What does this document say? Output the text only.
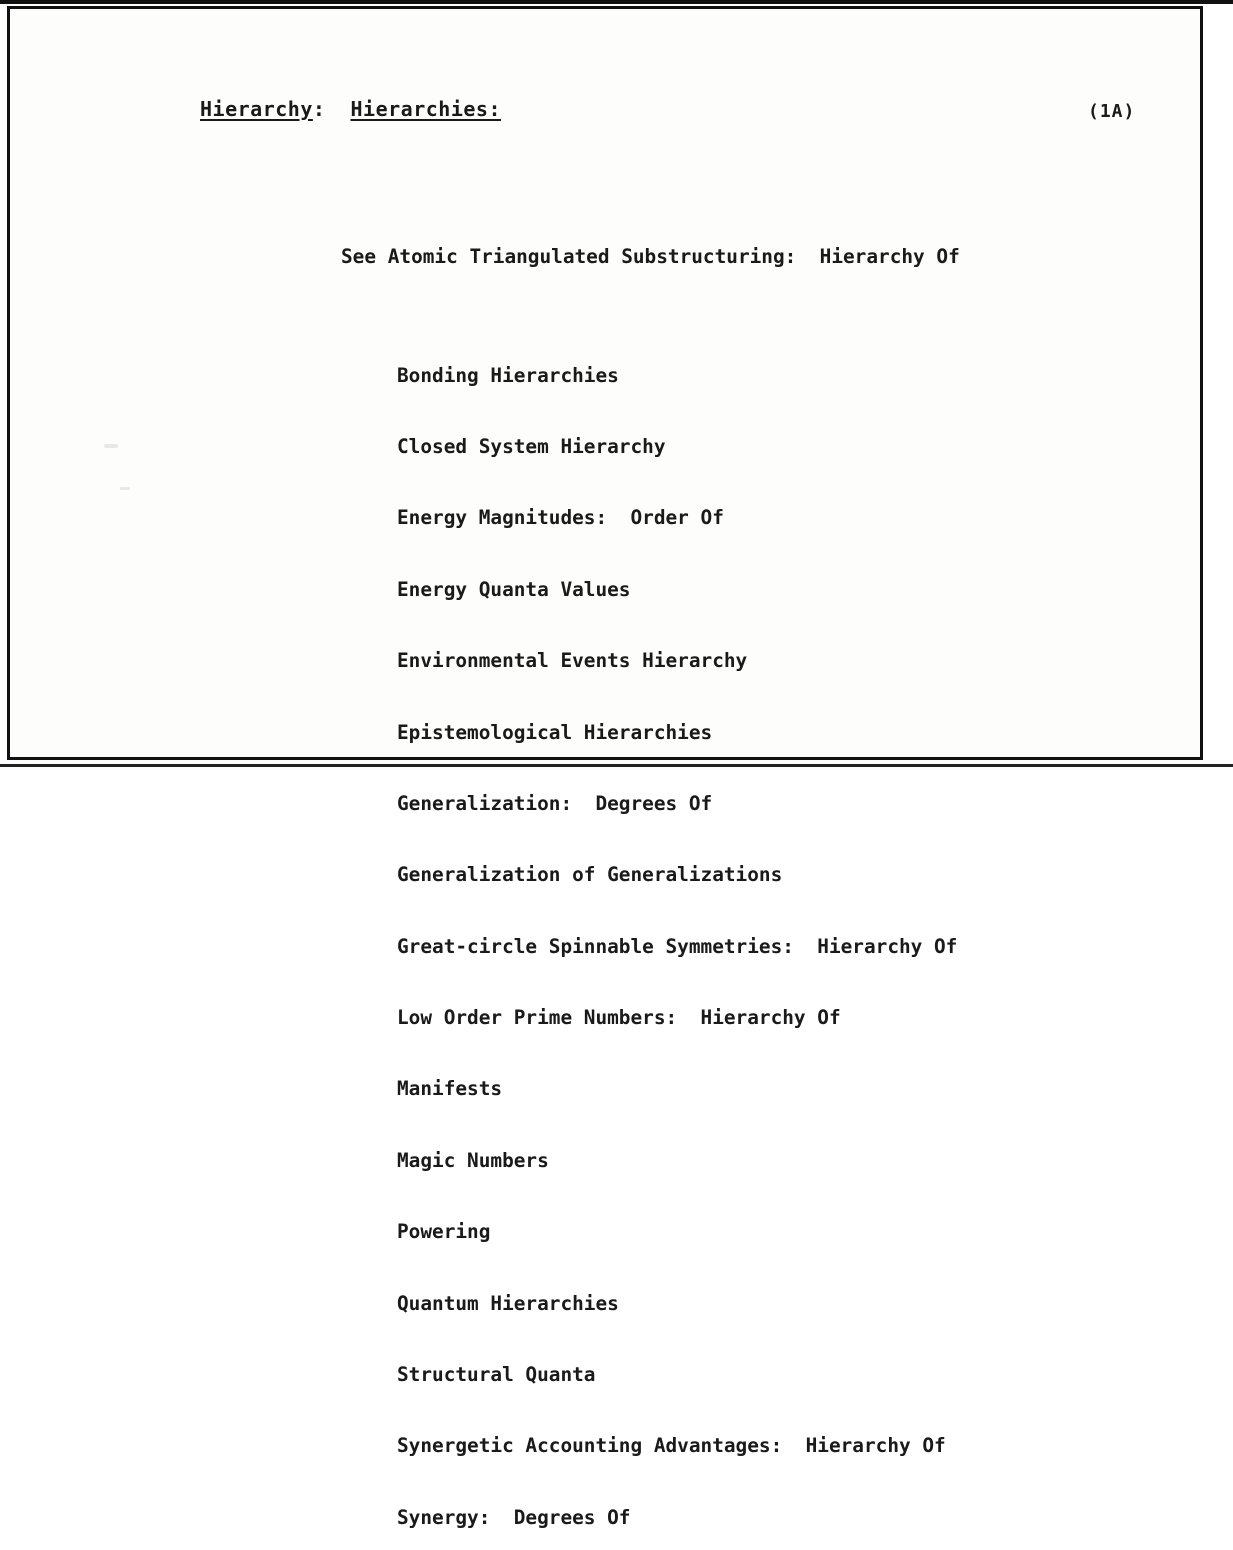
Hierarchy: Hierarchies:	(1A)

See Atomic Triangulated Substructuring:  Hierarchy Of

Bonding Hierarchies

Closed System Hierarchy

Energy Magnitudes:  Order Of

Energy Quanta Values

Environmental Events Hierarchy

Epistemological Hierarchies

Generalization:  Degrees Of

Generalization of Generalizations

Great-circle Spinnable Symmetries:  Hierarchy Of

Low Order Prime Numbers:  Hierarchy Of

Manifests

Magic Numbers

Powering

Quantum Hierarchies

Structural Quanta

Synergetic Accounting Advantages:  Hierarchy Of

Synergy:  Degrees Of
